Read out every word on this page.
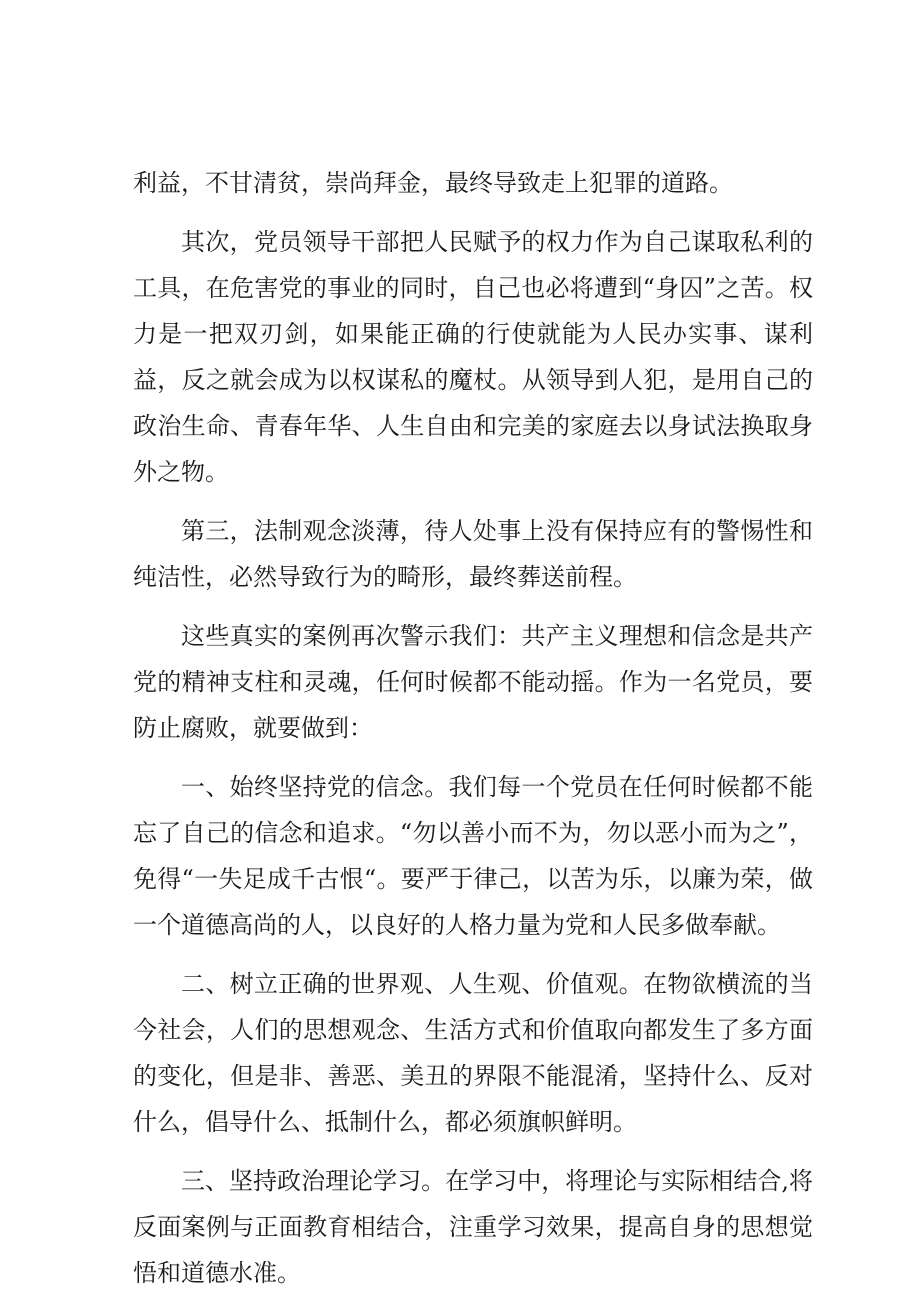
利益，不甘清贫，崇尚拜金，最终导致走上犯罪的道路。

其次，党员领导干部把人民赋予的权力作为自己谋取私利的工具，在危害党的事业的同时，自己也必将遭到“身囚”之苦。权力是一把双刃剑，如果能正确的行使就能为人民办实事、谋利益，反之就会成为以权谋私的魔杖。从领导到人犯，是用自己的政治生命、青春年华、人生自由和完美的家庭去以身试法换取身外之物。

第三，法制观念淡薄，待人处事上没有保持应有的警惕性和纯洁性，必然导致行为的畸形，最终葬送前程。

这些真实的案例再次警示我们：共产主义理想和信念是共产党的精神支柱和灵魂，任何时候都不能动摇。作为一名党员，要防止腐败，就要做到：

一、始终坚持党的信念。我们每一个党员在任何时候都不能忘了自己的信念和追求。“勿以善小而不为，勿以恶小而为之”，免得“一失足成千古恨“。要严于律己，以苦为乐，以廉为荣，做一个道德高尚的人，以良好的人格力量为党和人民多做奉献。

二、树立正确的世界观、人生观、价值观。在物欲横流的当今社会，人们的思想观念、生活方式和价值取向都发生了多方面的变化，但是非、善恶、美丑的界限不能混淆，坚持什么、反对什么，倡导什么、抵制什么，都必须旗帜鲜明。

三、坚持政治理论学习。在学习中，将理论与实际相结合,将反面案例与正面教育相结合，注重学习效果，提高自身的思想觉悟和道德水准。
